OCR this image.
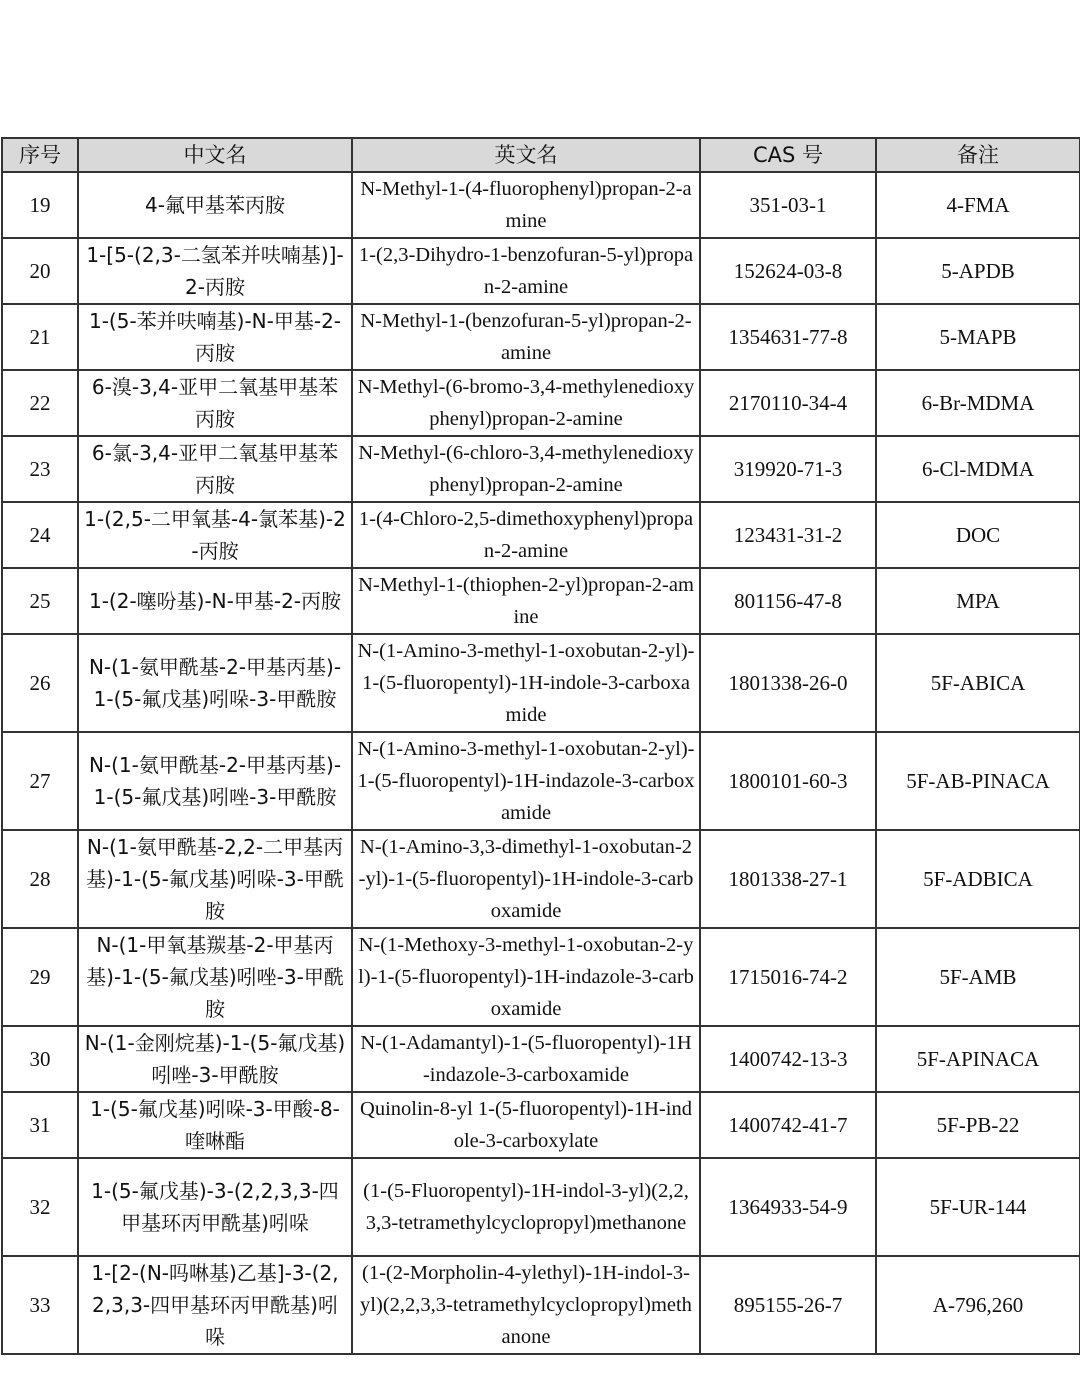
序号	中文名	英文名	CAS 号	备注
19	4-氟甲基苯丙胺	N-Methyl-1-(4-fluorophenyl)propan-2-amine	351-03-1	4-FMA
20	1-[5-(2,3-二氢苯并呋喃基)]-2-丙胺	1-(2,3-Dihydro-1-benzofuran-5-yl)propan-2-amine	152624-03-8	5-APDB
21	1-(5-苯并呋喃基)-N-甲基-2-丙胺	N-Methyl-1-(benzofuran-5-yl)propan-2-amine	1354631-77-8	5-MAPB
22	6-溴-3,4-亚甲二氧基甲基苯丙胺	N-Methyl-(6-bromo-3,4-methylenedioxyphenyl)propan-2-amine	2170110-34-4	6-Br-MDMA
23	6-氯-3,4-亚甲二氧基甲基苯丙胺	N-Methyl-(6-chloro-3,4-methylenedioxyphenyl)propan-2-amine	319920-71-3	6-Cl-MDMA
24	1-(2,5-二甲氧基-4-氯苯基)-2-丙胺	1-(4-Chloro-2,5-dimethoxyphenyl)propan-2-amine	123431-31-2	DOC
25	1-(2-噻吩基)-N-甲基-2-丙胺	N-Methyl-1-(thiophen-2-yl)propan-2-amine	801156-47-8	MPA
26	N-(1-氨甲酰基-2-甲基丙基)-1-(5-氟戊基)吲哚-3-甲酰胺	N-(1-Amino-3-methyl-1-oxobutan-2-yl)-1-(5-fluoropentyl)-1H-indole-3-carboxamide	1801338-26-0	5F-ABICA
27	N-(1-氨甲酰基-2-甲基丙基)-1-(5-氟戊基)吲唑-3-甲酰胺	N-(1-Amino-3-methyl-1-oxobutan-2-yl)-1-(5-fluoropentyl)-1H-indazole-3-carboxamide	1800101-60-3	5F-AB-PINACA
28	N-(1-氨甲酰基-2,2-二甲基丙基)-1-(5-氟戊基)吲哚-3-甲酰胺	N-(1-Amino-3,3-dimethyl-1-oxobutan-2-yl)-1-(5-fluoropentyl)-1H-indole-3-carboxamide	1801338-27-1	5F-ADBICA
29	N-(1-甲氧基羰基-2-甲基丙基)-1-(5-氟戊基)吲唑-3-甲酰胺	N-(1-Methoxy-3-methyl-1-oxobutan-2-yl)-1-(5-fluoropentyl)-1H-indazole-3-carboxamide	1715016-74-2	5F-AMB
30	N-(1-金刚烷基)-1-(5-氟戊基)吲唑-3-甲酰胺	N-(1-Adamantyl)-1-(5-fluoropentyl)-1H-indazole-3-carboxamide	1400742-13-3	5F-APINACA
31	1-(5-氟戊基)吲哚-3-甲酸-8-喹啉酯	Quinolin-8-yl 1-(5-fluoropentyl)-1H-indole-3-carboxylate	1400742-41-7	5F-PB-22
32	1-(5-氟戊基)-3-(2,2,3,3-四甲基环丙甲酰基)吲哚	(1-(5-Fluoropentyl)-1H-indol-3-yl)(2,2,3,3-tetramethylcyclopropyl)methanone	1364933-54-9	5F-UR-144
33	1-[2-(N-吗啉基)乙基]-3-(2,2,3,3-四甲基环丙甲酰基)吲哚	(1-(2-Morpholin-4-ylethyl)-1H-indol-3-yl)(2,2,3,3-tetramethylcyclopropyl)methanone	895155-26-7	A-796,260
